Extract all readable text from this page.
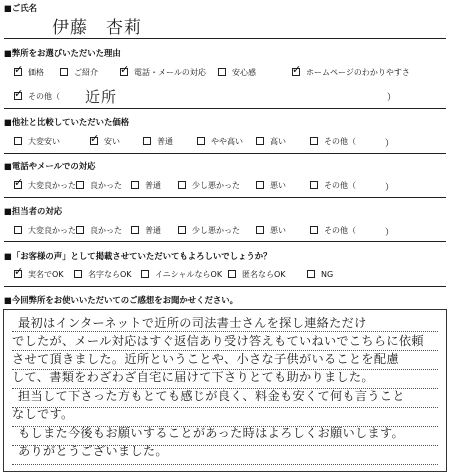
■ご氏名
伊藤　杏莉
■弊所をお選びいただいた理由
✓ 価格	ご紹介 ✓ 電話・メールの対応	安心感	✓ ホームページのわかりやすさ
✓ その他（ 近所	）
■他社と比較していただいた価格
大変安い	✓ 安い	普通	やや高い	高い	その他（	）
■電話やメールでの対応
✓ 大変良かった	良かった	普通	少し悪かった	悪い	その他（	）
■担当者の対応
大変良かった	良かった	普通	少し悪かった	悪い	その他（	）
■「お客様の声」として掲載させていただいてもよろしいでしょうか？
✓ 実名でOK	名字ならOK	イニシャルならOK	匿名ならOK	NG
■今回弊所をお使いいただいてのご感想をお聞かせください。
最初はインターネットで近所の司法書士さんを探し連絡ただけ
でしたが、メール対応はすぐ返信あり受け答えもていねいでこちらに依頼
させて頂きました。近所ということや、小さな子供がいることを配慮
して、書類をわざわざ自宅に届けて下さりとても助かりました。
担当して下さった方もとても感じが良く、料金も安くて何も言うこと
なしです。
もしまた今後もお願いすることがあった時はよろしくお願いします。
ありがとうございました。
